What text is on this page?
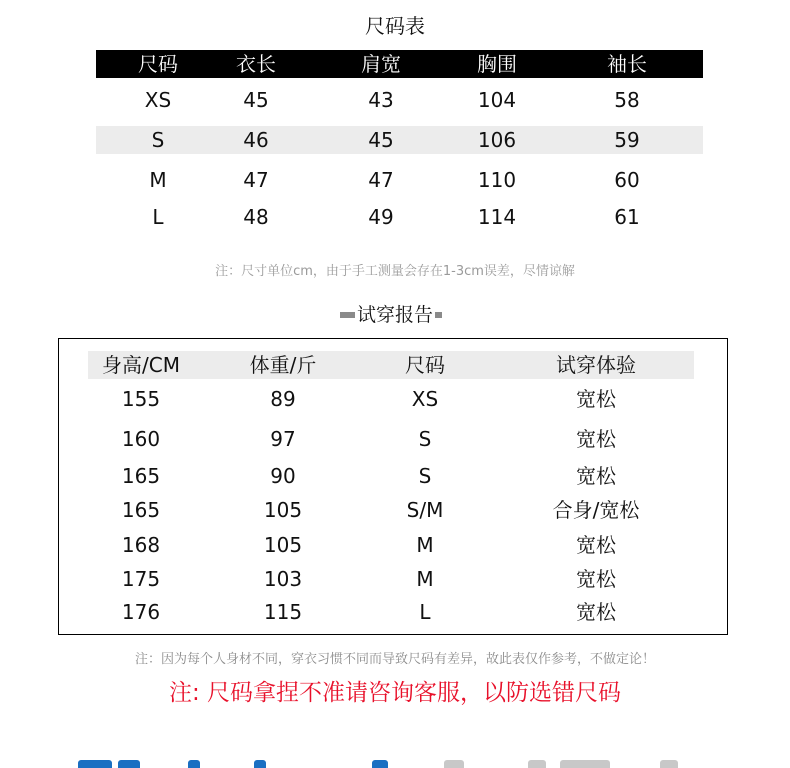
尺码表
尺码	衣长	肩宽	胸围	袖长
XS	45	43	104	58
S	46	45	106	59
M	47	47	110	60
L	48	49	114	61
注：尺寸单位cm，由于手工测量会存在1-3cm误差，尽情谅解
试穿报告
身高/CM	体重/斤	尺码	试穿体验
155	89	XS	宽松
160	97	S	宽松
165	90	S	宽松
165	105	S/M	合身/宽松
168	105	M	宽松
175	103	M	宽松
176	115	L	宽松
注：因为每个人身材不同，穿衣习惯不同而导致尺码有差异，故此表仅作参考，不做定论！
注: 尺码拿捏不准请咨询客服，以防选错尺码
